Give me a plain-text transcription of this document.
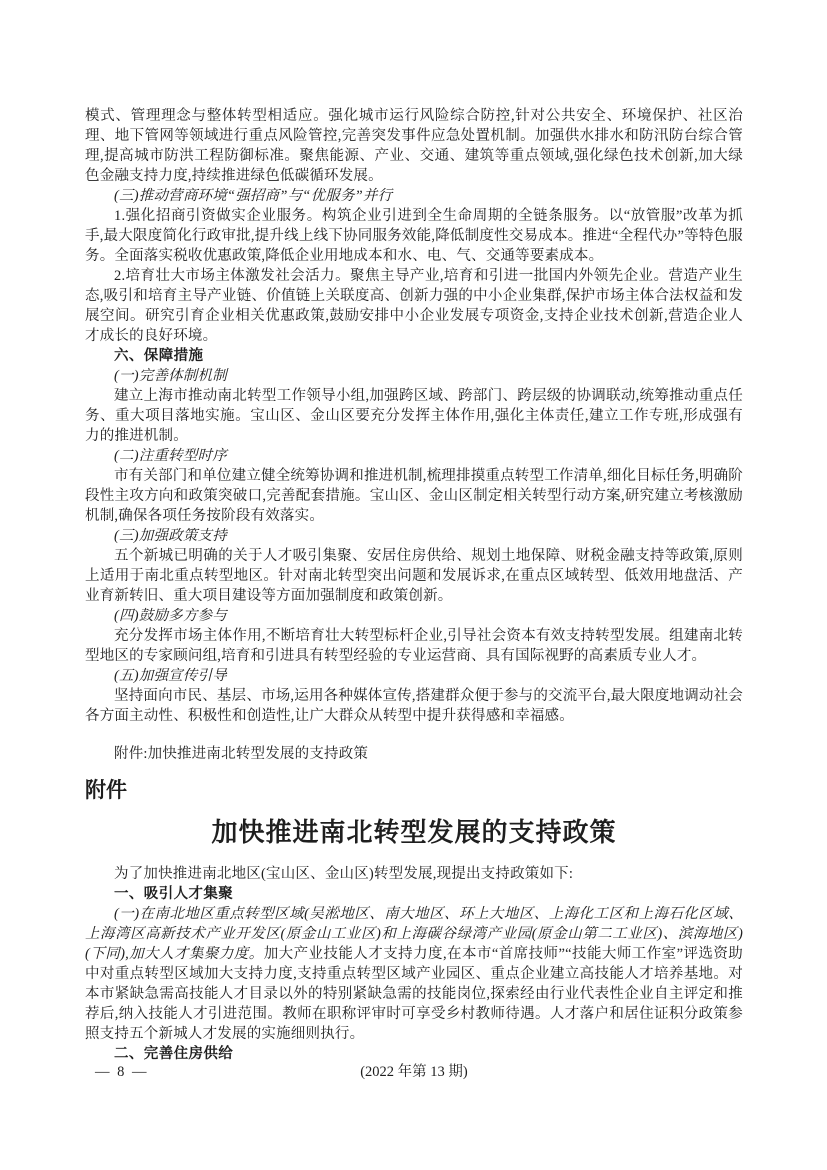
模式、管理理念与整体转型相适应。强化城市运行风险综合防控,针对公共安全、环境保护、社区治理、地下管网等领域进行重点风险管控,完善突发事件应急处置机制。加强供水排水和防汛防台综合管理,提高城市防洪工程防御标准。聚焦能源、产业、交通、建筑等重点领域,强化绿色技术创新,加大绿色金融支持力度,持续推进绿色低碳循环发展。

(三)推动营商环境“强招商”与“优服务”并行

1.强化招商引资做实企业服务。构筑企业引进到全生命周期的全链条服务。以“放管服”改革为抓手,最大限度简化行政审批,提升线上线下协同服务效能,降低制度性交易成本。推进“全程代办”等特色服务。全面落实税收优惠政策,降低企业用地成本和水、电、气、交通等要素成本。

2.培育壮大市场主体激发社会活力。聚焦主导产业,培育和引进一批国内外领先企业。营造产业生态,吸引和培育主导产业链、价值链上关联度高、创新力强的中小企业集群,保护市场主体合法权益和发展空间。研究引育企业相关优惠政策,鼓励安排中小企业发展专项资金,支持企业技术创新,营造企业人才成长的良好环境。

六、保障措施

(一)完善体制机制

建立上海市推动南北转型工作领导小组,加强跨区域、跨部门、跨层级的协调联动,统筹推动重点任务、重大项目落地实施。宝山区、金山区要充分发挥主体作用,强化主体责任,建立工作专班,形成强有力的推进机制。

(二)注重转型时序

市有关部门和单位建立健全统筹协调和推进机制,梳理排摸重点转型工作清单,细化目标任务,明确阶段性主攻方向和政策突破口,完善配套措施。宝山区、金山区制定相关转型行动方案,研究建立考核激励机制,确保各项任务按阶段有效落实。

(三)加强政策支持

五个新城已明确的关于人才吸引集聚、安居住房供给、规划土地保障、财税金融支持等政策,原则上适用于南北重点转型地区。针对南北转型突出问题和发展诉求,在重点区域转型、低效用地盘活、产业育新转旧、重大项目建设等方面加强制度和政策创新。

(四)鼓励多方参与

充分发挥市场主体作用,不断培育壮大转型标杆企业,引导社会资本有效支持转型发展。组建南北转型地区的专家顾问组,培育和引进具有转型经验的专业运营商、具有国际视野的高素质专业人才。

(五)加强宣传引导

坚持面向市民、基层、市场,运用各种媒体宣传,搭建群众便于参与的交流平台,最大限度地调动社会各方面主动性、积极性和创造性,让广大群众从转型中提升获得感和幸福感。

附件:加快推进南北转型发展的支持政策

附件
加快推进南北转型发展的支持政策

为了加快推进南北地区(宝山区、金山区)转型发展,现提出支持政策如下:

一、吸引人才集聚

(一)在南北地区重点转型区域(吴淞地区、南大地区、环上大地区、上海化工区和上海石化区域、上海湾区高新技术产业开发区(原金山工业区)和上海碳谷绿湾产业园(原金山第二工业区)、滨海地区)(下同),加大人才集聚力度。加大产业技能人才支持力度,在本市“首席技师”“技能大师工作室”评选资助中对重点转型区域加大支持力度,支持重点转型区域产业园区、重点企业建立高技能人才培养基地。对本市紧缺急需高技能人才目录以外的特别紧缺急需的技能岗位,探索经由行业代表性企业自主评定和推荐后,纳入技能人才引进范围。教师在职称评审时可享受乡村教师待遇。人才落户和居住证积分政策参照支持五个新城人才发展的实施细则执行。

二、完善住房供给

— 8 —	(2022 年第 13 期)
